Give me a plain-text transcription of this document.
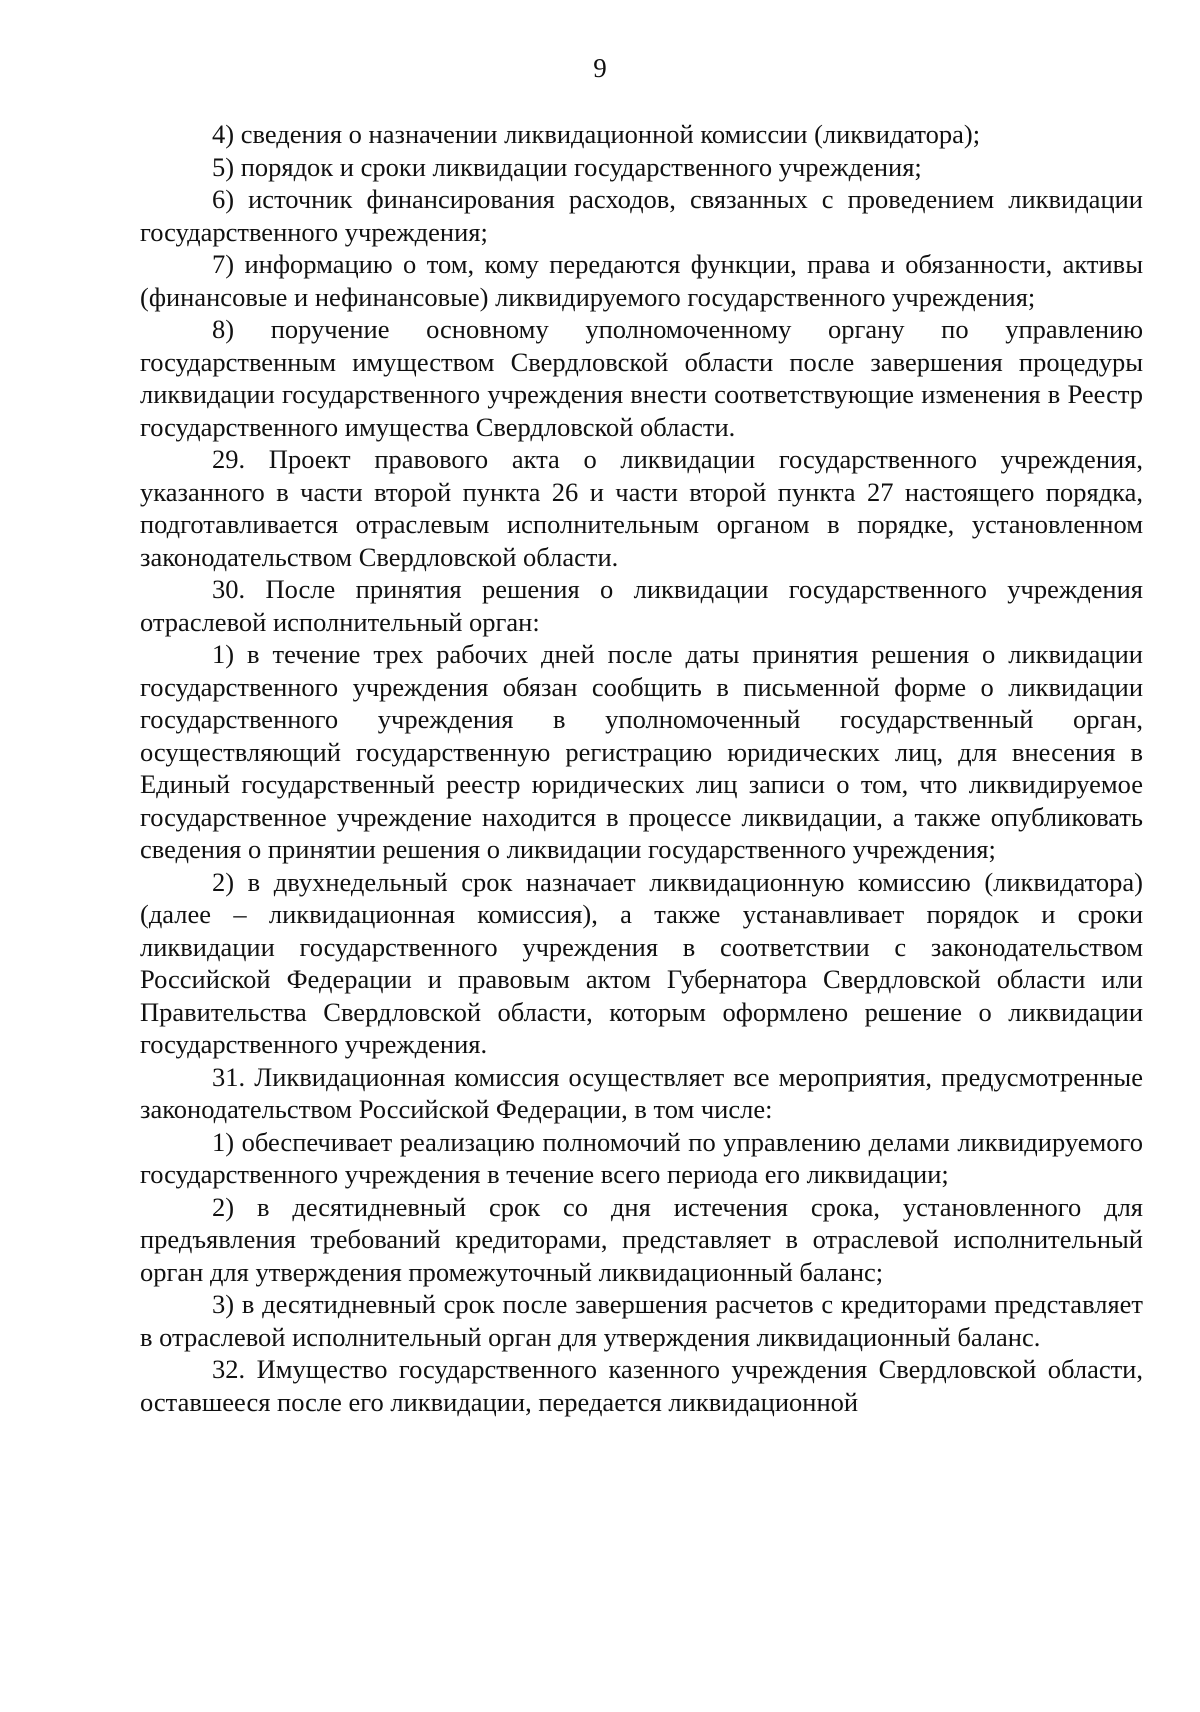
9

4) сведения о назначении ликвидационной комиссии (ликвидатора);

5) порядок и сроки ликвидации государственного учреждения;

6) источник финансирования расходов, связанных с проведением ликвидации государственного учреждения;

7) информацию о том, кому передаются функции, права и обязанности, активы (финансовые и нефинансовые) ликвидируемого государственного учреждения;

8) поручение основному уполномоченному органу по управлению государственным имуществом Свердловской области после завершения процедуры ликвидации государственного учреждения внести соответствующие изменения в Реестр государственного имущества Свердловской области.

29. Проект правового акта о ликвидации государственного учреждения, указанного в части второй пункта 26 и части второй пункта 27 настоящего порядка, подготавливается отраслевым исполнительным органом в порядке, установленном законодательством Свердловской области.

30. После принятия решения о ликвидации государственного учреждения отраслевой исполнительный орган:

1) в течение трех рабочих дней после даты принятия решения о ликвидации государственного учреждения обязан сообщить в письменной форме о ликвидации государственного учреждения в уполномоченный государственный орган, осуществляющий государственную регистрацию юридических лиц, для внесения в Единый государственный реестр юридических лиц записи о том, что ликвидируемое государственное учреждение находится в процессе ликвидации, а также опубликовать сведения о принятии решения о ликвидации государственного учреждения;

2) в двухнедельный срок назначает ликвидационную комиссию (ликвидатора) (далее – ликвидационная комиссия), а также устанавливает порядок и сроки ликвидации государственного учреждения в соответствии с законодательством Российской Федерации и правовым актом Губернатора Свердловской области или Правительства Свердловской области, которым оформлено решение о ликвидации государственного учреждения.

31. Ликвидационная комиссия осуществляет все мероприятия, предусмотренные законодательством Российской Федерации, в том числе:

1) обеспечивает реализацию полномочий по управлению делами ликвидируемого государственного учреждения в течение всего периода его ликвидации;

2) в десятидневный срок со дня истечения срока, установленного для предъявления требований кредиторами, представляет в отраслевой исполнительный орган для утверждения промежуточный ликвидационный баланс;

3) в десятидневный срок после завершения расчетов с кредиторами представляет в отраслевой исполнительный орган для утверждения ликвидационный баланс.

32. Имущество государственного казенного учреждения Свердловской области, оставшееся после его ликвидации, передается ликвидационной
